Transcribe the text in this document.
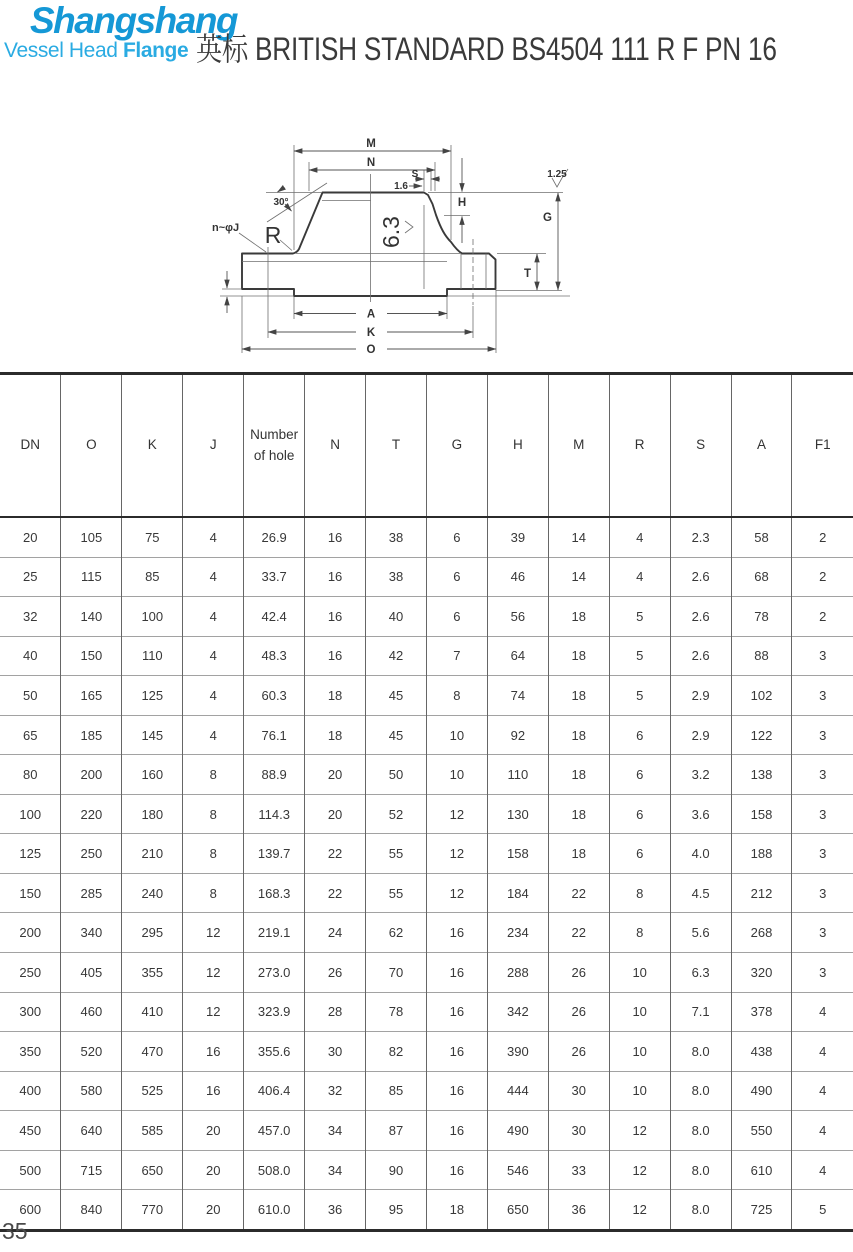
Shangshang
Vessel Head Flange 英标 BRITISH STANDARD BS4504 111 R F PN 16
M
N
S
1.6
30°
1.25
H
G
T
A
K
O
R
n~φJ	6.3
DN	O	K	J	Number of hole	N	T	G	H	M	R	S	A	F1
20	105	75	4	26.9	16	38	6	39	14	4	2.3	58	2
25	115	85	4	33.7	16	38	6	46	14	4	2.6	68	2
32	140	100	4	42.4	16	40	6	56	18	5	2.6	78	2
40	150	110	4	48.3	16	42	7	64	18	5	2.6	88	3
50	165	125	4	60.3	18	45	8	74	18	5	2.9	102	3
65	185	145	4	76.1	18	45	10	92	18	6	2.9	122	3
80	200	160	8	88.9	20	50	10	110	18	6	3.2	138	3
100	220	180	8	114.3	20	52	12	130	18	6	3.6	158	3
125	250	210	8	139.7	22	55	12	158	18	6	4.0	188	3
150	285	240	8	168.3	22	55	12	184	22	8	4.5	212	3
200	340	295	12	219.1	24	62	16	234	22	8	5.6	268	3
250	405	355	12	273.0	26	70	16	288	26	10	6.3	320	3
300	460	410	12	323.9	28	78	16	342	26	10	7.1	378	4
350	520	470	16	355.6	30	82	16	390	26	10	8.0	438	4
400	580	525	16	406.4	32	85	16	444	30	10	8.0	490	4
450	640	585	20	457.0	34	87	16	490	30	12	8.0	550	4
500	715	650	20	508.0	34	90	16	546	33	12	8.0	610	4
600	840	770	20	610.0	36	95	18	650	36	12	8.0	725	5
35
